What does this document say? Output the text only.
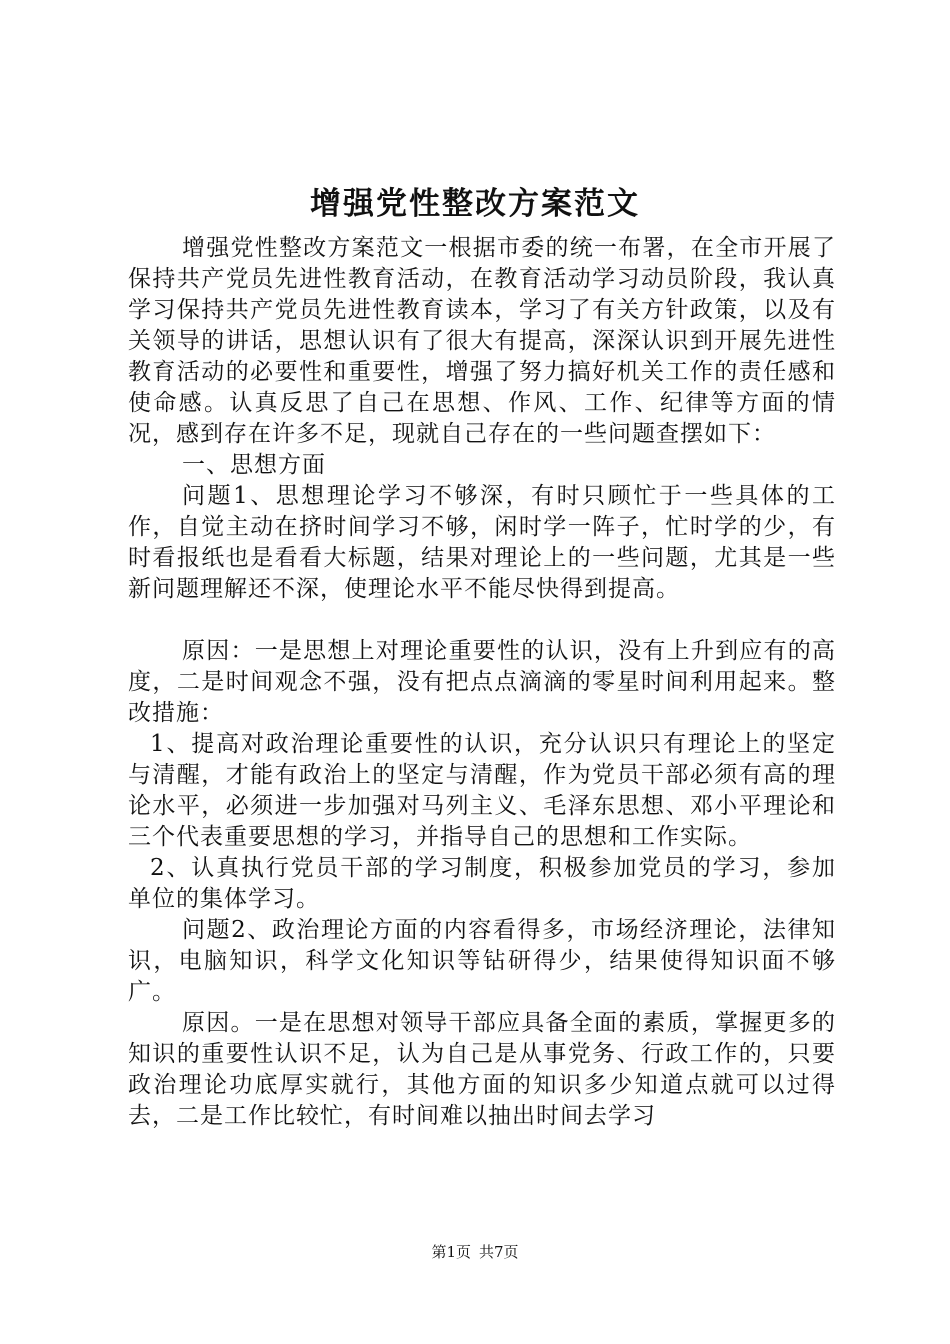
增强党性整改方案范文

增强党性整改方案范文一根据市委的统一布署，在全市开展了保持共产党员先进性教育活动，在教育活动学习动员阶段，我认真学习保持共产党员先进性教育读本，学习了有关方针政策，以及有关领导的讲话，思想认识有了很大有提高，深深认识到开展先进性教育活动的必要性和重要性，增强了努力搞好机关工作的责任感和使命感。认真反思了自己在思想、作风、工作、纪律等方面的情况，感到存在许多不足，现就自己存在的一些问题查摆如下：

一、思想方面

问题1、思想理论学习不够深，有时只顾忙于一些具体的工作，自觉主动在挤时间学习不够，闲时学一阵子，忙时学的少，有时看报纸也是看看大标题，结果对理论上的一些问题，尤其是一些新问题理解还不深，使理论水平不能尽快得到提高。

原因：一是思想上对理论重要性的认识，没有上升到应有的高度，二是时间观念不强，没有把点点滴滴的零星时间利用起来。整改措施：

1、提高对政治理论重要性的认识，充分认识只有理论上的坚定与清醒，才能有政治上的坚定与清醒，作为党员干部必须有高的理论水平，必须进一步加强对马列主义、毛泽东思想、邓小平理论和三个代表重要思想的学习，并指导自己的思想和工作实际。

2、认真执行党员干部的学习制度，积极参加党员的学习，参加单位的集体学习。

问题2、政治理论方面的内容看得多，市场经济理论，法律知识，电脑知识，科学文化知识等钻研得少，结果使得知识面不够广。

原因。一是在思想对领导干部应具备全面的素质，掌握更多的知识的重要性认识不足，认为自己是从事党务、行政工作的，只要政治理论功底厚实就行，其他方面的知识多少知道点就可以过得去，二是工作比较忙，有时间难以抽出时间去学习

第1页 共7页
